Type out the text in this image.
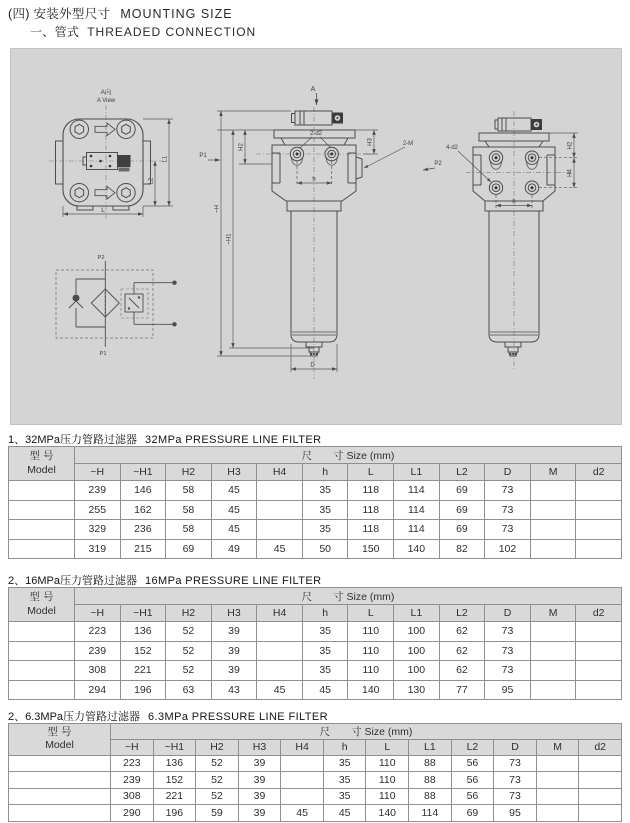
(四) 安装外型尺寸 MOUNTING SIZE
一、管式 THREADED CONNECTION
A向
A View
L1
L2
L
P2
P1
A
2-d2
2-M
P1
P2
h
H2
~H1
~H
H3
D
4-d2	H2
H4
h
1、32MPa压力管路过滤器 32MPa PRESSURE LINE FILTER
型 号
Model	尺　　寸 Size (mm)											
	~H	~H1	H2	H3	H4	h	L	L1	L2	D	M	d2
	239	146	58	45		35	118	114	69	73		
	255	162	58	45		35	118	114	69	73		
	329	236	58	45		35	118	114	69	73		
	319	215	69	49	45	50	150	140	82	102		
2、16MPa压力管路过滤器 16MPa PRESSURE LINE FILTER
型 号
Model	尺　　寸 Size (mm)											
	~H	~H1	H2	H3	H4	h	L	L1	L2	D	M	d2
	223	136	52	39		35	110	100	62	73		
	239	152	52	39		35	110	100	62	73		
	308	221	52	39		35	110	100	62	73		
	294	196	63	43	45	45	140	130	77	95		
2、6.3MPa压力管路过滤器 6.3MPa PRESSURE LINE FILTER
型 号
Model	尺　　寸 Size (mm)											
	~H	~H1	H2	H3	H4	h	L	L1	L2	D	M	d2
	223	136	52	39		35	110	88	56	73		
	239	152	52	39		35	110	88	56	73		
	308	221	52	39		35	110	88	56	73		
	290	196	59	39	45	45	140	114	69	95		
